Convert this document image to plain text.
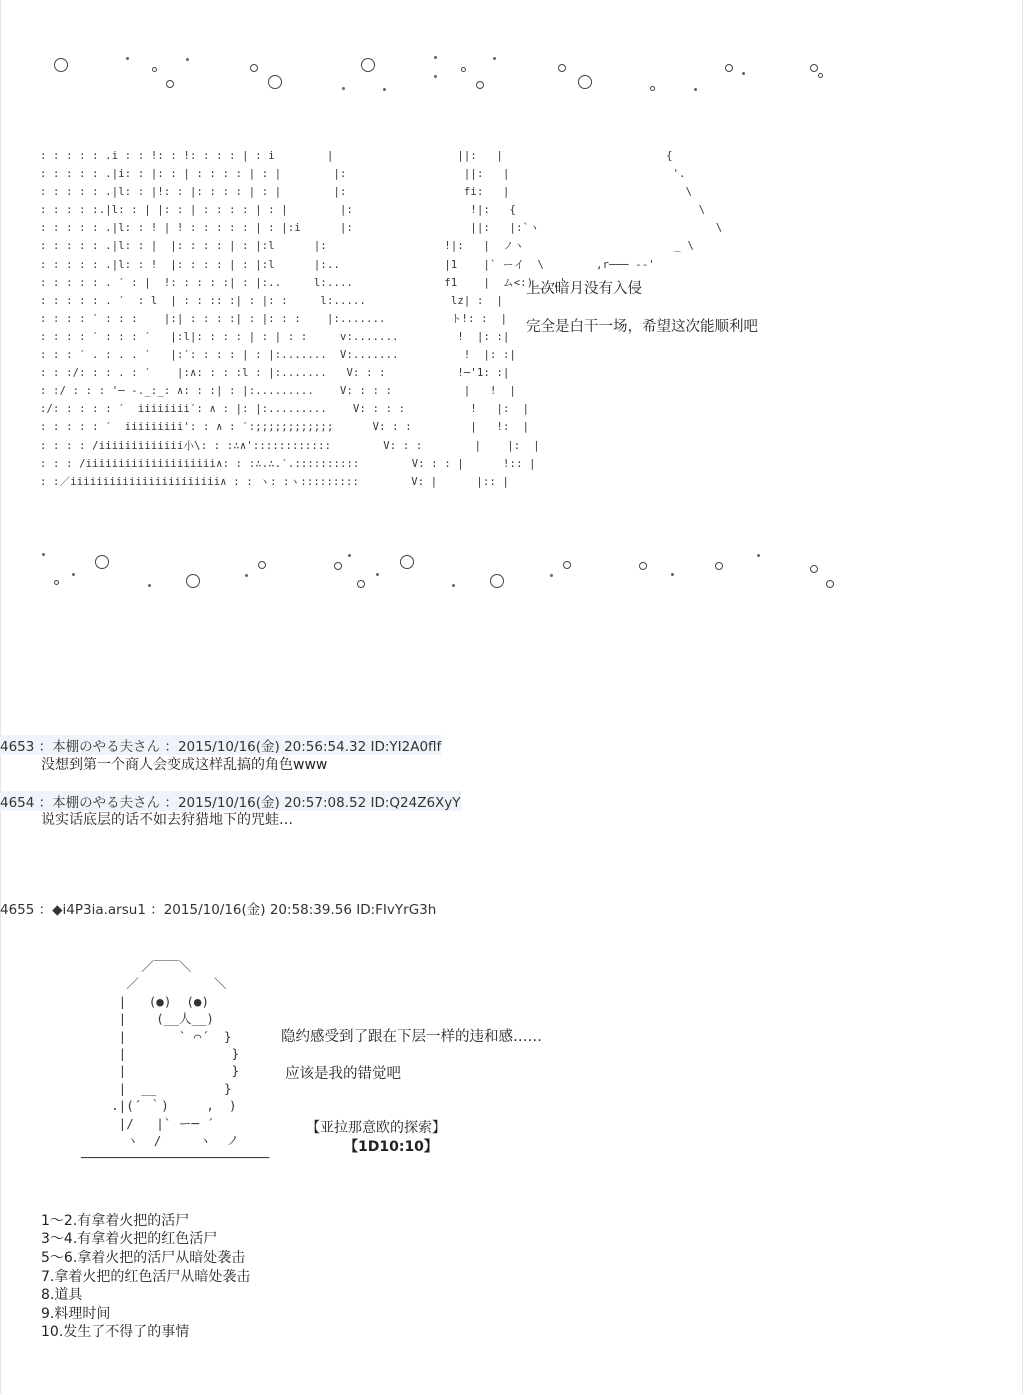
: : : : : .i : : !: : !: : : : | : i        |                   ||:   |                         {
: : : : : .|i: : |: : | : : : : | : |        |:                  ||:   |                         '.
: : : : : .|l: : |!: : |: : : : | : |        |:                  fi:   |                           \
: : : : :.|l: : | |: : | : : : : | : |        |:                  !|:   {                            \
: : : : : .|l: : ! | ! : : : : : | : |:i      |:                  ||:   |:`ヽ                           \
: : : : : .|l: : |  |: : : : | : |:l      |:                  !|:   |  ノヽ                       _ \
: : : : : .|l: : !  |: : : : | : |:l      |:..                |1    |` ーイ  \        ,r─── -‐'
: : : : : . ′ : |  !: : : : :| : |:..     l:....              f1    |  ム<:)___,'
: : : : : . ′  : l  | : : :: :| : |: :     l:.....             lz| :  |
: : : : ′ : : :    |:| : : : :| : |: : :    |:.......          ト!: :  |
: : : : ′ : : : ′   |:l|: : : : | : | : :     v:.......         !  |: :|
: : : ′ . : . . ′   |:′: : : : | : |:.......  V:.......          !  |: :|
: : :/: : : . : ′    |:∧: : : :l : |:.......   V: : :           !─'1: :|
: :/ : : : '─ -._:_: ∧: : :| : |:.........    V: : : :           |   !  |
:/: : : : : ′  iiiiiiii′: ∧ : |: |:.........    V: : : :          !   |:  |
: : : : : ′  iiiiiiiii': : ∧ : ′:;;;;;;;;;;;;      V: : :         |   !:  |
: : : : /iiiiiiiiiiiii小\: : :∴∧'::::::::::::        V: : :        |    |:  |
: : : /iiiiiiiiiiiiiiiiiiii∧: : :∴.∴.′.::::::::::        V: : : |      !:: |
: :／iiiiiiiiiiiiiiiiiiiiiii∧ : : ヽ: :ヽ:::::::::        V: |      |:: |
上次暗月没有入侵
完全是白干一场，希望这次能顺利吧
4653 ：本棚のやる夫さん ：2015/10/16(金) 20:56:54.32 ID:YI2A0flf
没想到第一个商人会变成这样乱搞的角色www
4654 ：本棚のやる夫さん ：2015/10/16(金) 20:57:08.52 ID:Q24Z6XyY
说实话底层的话不如去狩猎地下的咒蛙…
4655 ：◆i4P3ia.arsu1 ：2015/10/16(金) 20:58:39.56 ID:FIvYrG3h
／￣￣＼
／          ＼
|   (●)  (●)
|    (__人__)
|       ` ⌒´  }
|              }
|              }
|  __         }
.|(´ ｀)     ,  )
|/   |` ー─ ´
ヽ  /     ヽ  ノ
─────────────────────────
隐约感受到了跟在下层一样的违和感……
应该是我的错觉吧
【亚拉那意欧的探索】
【1D10:10】
1～2.有拿着火把的活尸
3～4.有拿着火把的红色活尸
5～6.拿着火把的活尸从暗处袭击
7.拿着火把的红色活尸从暗处袭击
8.道具
9.料理时间
10.发生了不得了的事情
